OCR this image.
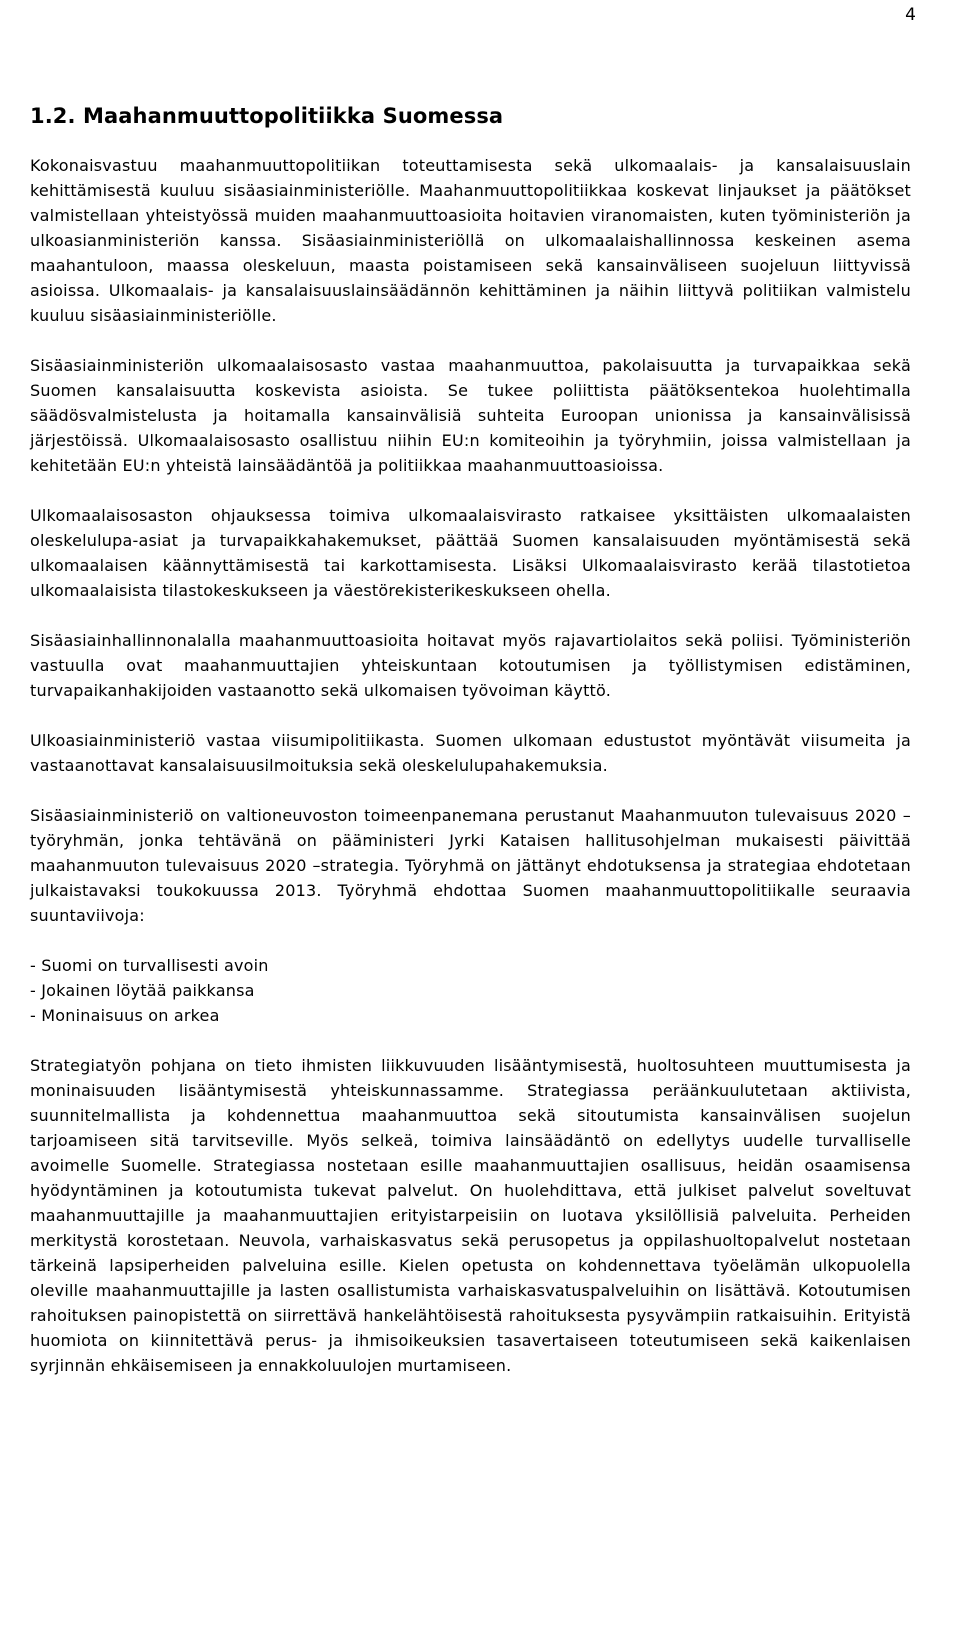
4
1.2. Maahanmuuttopolitiikka Suomessa

Kokonaisvastuu maahanmuuttopolitiikan toteuttamisesta sekä ulkomaalais- ja kansalaisuuslain kehittämisestä kuuluu sisäasiainministeriölle. Maahanmuuttopolitiikkaa koskevat linjaukset ja päätökset valmistellaan yhteistyössä muiden maahanmuuttoasioita hoitavien viranomaisten, kuten työministeriön ja ulkoasianministeriön kanssa. Sisäasiainministeriöllä on ulkomaalaishallinnossa keskeinen asema maahantuloon, maassa oleskeluun, maasta poistamiseen sekä kansainväliseen suojeluun liittyvissä asioissa. Ulkomaalais- ja kansalaisuuslainsäädännön kehittäminen ja näihin liittyvä politiikan valmistelu kuuluu sisäasiainministeriölle.

Sisäasiainministeriön ulkomaalaisosasto vastaa maahanmuuttoa, pakolaisuutta ja turvapaikkaa sekä Suomen kansalaisuutta koskevista asioista. Se tukee poliittista päätöksentekoa huolehtimalla säädösvalmistelusta ja hoitamalla kansainvälisiä suhteita Euroopan unionissa ja kansainvälisissä järjestöissä. Ulkomaalaisosasto osallistuu niihin EU:n komiteoihin ja työryhmiin, joissa valmistellaan ja kehitetään EU:n yhteistä lainsäädäntöä ja politiikkaa maahanmuuttoasioissa.

Ulkomaalaisosaston ohjauksessa toimiva ulkomaalaisvirasto ratkaisee yksittäisten ulkomaalaisten oleskelulupa-asiat ja turvapaikkahakemukset, päättää Suomen kansalaisuuden myöntämisestä sekä ulkomaalaisen käännyttämisestä tai karkottamisesta. Lisäksi Ulkomaalaisvirasto kerää tilastotietoa ulkomaalaisista tilastokeskukseen ja väestörekisterikeskukseen ohella.

Sisäasiainhallinnonalalla maahanmuuttoasioita hoitavat myös rajavartiolaitos sekä poliisi. Työministeriön vastuulla ovat maahanmuuttajien yhteiskuntaan kotoutumisen ja työllistymisen edistäminen, turvapaikanhakijoiden vastaanotto sekä ulkomaisen työvoiman käyttö.

Ulkoasiainministeriö vastaa viisumipolitiikasta. Suomen ulkomaan edustustot myöntävät viisumeita ja vastaanottavat kansalaisuusilmoituksia sekä oleskelulupahakemuksia.

Sisäasiainministeriö on valtioneuvoston toimeenpanemana perustanut Maahanmuuton tulevaisuus 2020 –työryhmän, jonka tehtävänä on pääministeri Jyrki Kataisen hallitusohjelman mukaisesti päivittää maahanmuuton tulevaisuus 2020 –strategia. Työryhmä on jättänyt ehdotuksensa ja strategiaa ehdotetaan julkaistavaksi toukokuussa 2013. Työryhmä ehdottaa Suomen maahanmuuttopolitiikalle seuraavia suuntaviivoja:

- Suomi on turvallisesti avoin
- Jokainen löytää paikkansa
- Moninaisuus on arkea

Strategiatyön pohjana on tieto ihmisten liikkuvuuden lisääntymisestä, huoltosuhteen muuttumisesta ja moninaisuuden lisääntymisestä yhteiskunnassamme. Strategiassa peräänkuulutetaan aktiivista, suunnitelmallista ja kohdennettua maahanmuuttoa sekä sitoutumista kansainvälisen suojelun tarjoamiseen sitä tarvitseville. Myös selkeä, toimiva lainsäädäntö on edellytys uudelle turvalliselle avoimelle Suomelle. Strategiassa nostetaan esille maahanmuuttajien osallisuus, heidän osaamisensa hyödyntäminen ja kotoutumista tukevat palvelut. On huolehdittava, että julkiset palvelut soveltuvat maahanmuuttajille ja maahanmuuttajien erityistarpeisiin on luotava yksilöllisiä palveluita. Perheiden merkitystä korostetaan. Neuvola, varhaiskasvatus sekä perusopetus ja oppilashuoltopalvelut nostetaan tärkeinä lapsiperheiden palveluina esille. Kielen opetusta on kohdennettava työelämän ulkopuolella oleville maahanmuuttajille ja lasten osallistumista varhaiskasvatuspalveluihin on lisättävä. Kotoutumisen rahoituksen painopistettä on siirrettävä hankelähtöisestä rahoituksesta pysyvämpiin ratkaisuihin. Erityistä huomiota on kiinnitettävä perus- ja ihmisoikeuksien tasavertaiseen toteutumiseen sekä kaikenlaisen syrjinnän ehkäisemiseen ja ennakkoluulojen murtamiseen.
